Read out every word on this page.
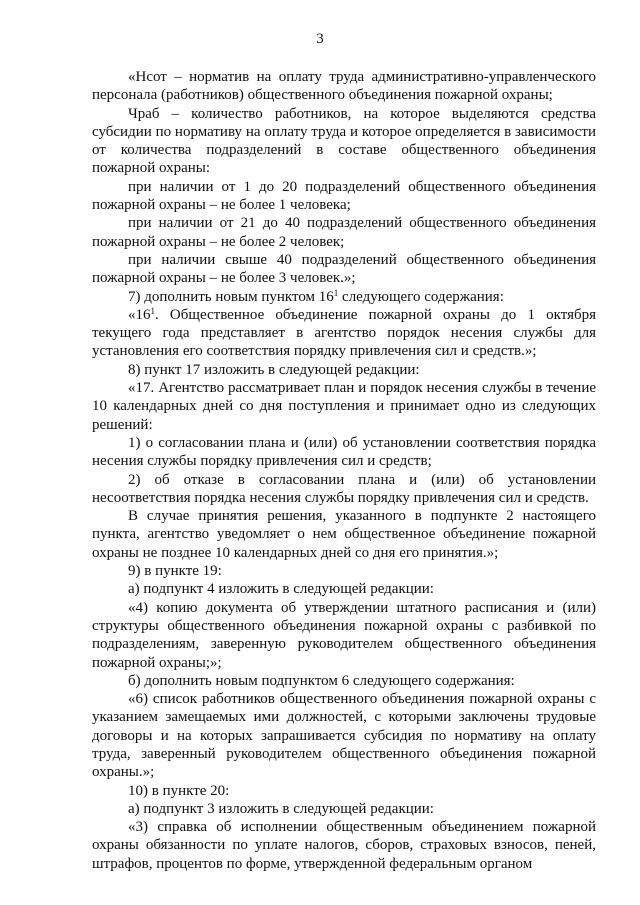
3

«Нсот – норматив на оплату труда административно-управленческого персонала (работников) общественного объединения пожарной охраны;

Чраб – количество работников, на которое выделяются средства субсидии по нормативу на оплату труда и которое определяется в зависимости от количества подразделений в составе общественного объединения пожарной охраны:

при наличии от 1 до 20 подразделений общественного объединения пожарной охраны – не более 1 человека;

при наличии от 21 до 40 подразделений общественного объединения пожарной охраны – не более 2 человек;

при наличии свыше 40 подразделений общественного объединения пожарной охраны – не более 3 человек.»;

7) дополнить новым пунктом $16^1$ следующего содержания:

«$16^1$. Общественное объединение пожарной охраны до 1 октября текущего года представляет в агентство порядок несения службы для установления его соответствия порядку привлечения сил и средств.»;

8) пункт 17 изложить в следующей редакции:

«17. Агентство рассматривает план и порядок несения службы в течение 10 календарных дней со дня поступления и принимает одно из следующих решений:

1) о согласовании плана и (или) об установлении соответствия порядка несения службы порядку привлечения сил и средств;

2) об отказе в согласовании плана и (или) об установлении несоответствия порядка несения службы порядку привлечения сил и средств.

В случае принятия решения, указанного в подпункте 2 настоящего пункта, агентство уведомляет о нем общественное объединение пожарной охраны не позднее 10 календарных дней со дня его принятия.»;

9) в пункте 19:

а) подпункт 4 изложить в следующей редакции:

«4) копию документа об утверждении штатного расписания и (или) структуры общественного объединения пожарной охраны с разбивкой по подразделениям, заверенную руководителем общественного объединения пожарной охраны;»;

б) дополнить новым подпунктом 6 следующего содержания:

«6) список работников общественного объединения пожарной охраны с указанием замещаемых ими должностей, с которыми заключены трудовые договоры и на которых запрашивается субсидия по нормативу на оплату труда, заверенный руководителем общественного объединения пожарной охраны.»;

10) в пункте 20:

а) подпункт 3 изложить в следующей редакции:

«3) справка об исполнении общественным объединением пожарной охраны обязанности по уплате налогов, сборов, страховых взносов, пеней, штрафов, процентов по форме, утвержденной федеральным органом
